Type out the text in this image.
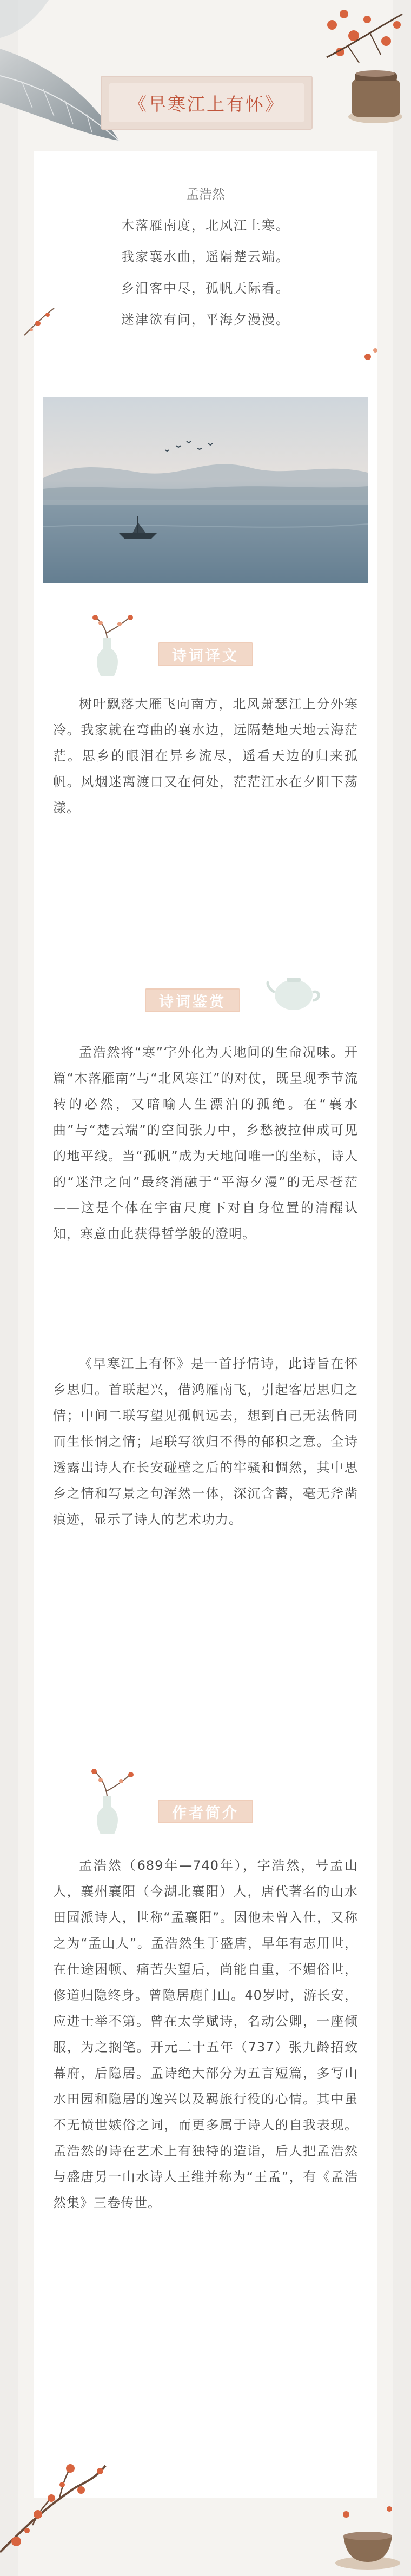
《早寒江上有怀》
孟浩然
木落雁南度，北风江上寒。
我家襄水曲，遥隔楚云端。
乡泪客中尽，孤帆天际看。
迷津欲有问，平海夕漫漫。
诗词译文

树叶飘落大雁飞向南方，北风萧瑟江上分外寒冷。我家就在弯曲的襄水边，远隔楚地天地云海茫茫。思乡的眼泪在异乡流尽，遥看天边的归来孤帆。风烟迷离渡口又在何处，茫茫江水在夕阳下荡漾。

诗词鉴赏

孟浩然将“寒”字外化为天地间的生命况味。开篇“木落雁南”与“北风寒江”的对仗，既呈现季节流转的必然，又暗喻人生漂泊的孤绝。在“襄水曲”与“楚云端”的空间张力中，乡愁被拉伸成可见的地平线。当“孤帆”成为天地间唯一的坐标，诗人的“迷津之问”最终消融于“平海夕漫”的无尽苍茫——这是个体在宇宙尺度下对自身位置的清醒认知，寒意由此获得哲学般的澄明。

《早寒江上有怀》是一首抒情诗，此诗旨在怀乡思归。首联起兴，借鸿雁南飞，引起客居思归之情；中间二联写望见孤帆远去，想到自己无法偕同而生怅惘之情；尾联写欲归不得的郁积之意。全诗透露出诗人在长安碰壁之后的牢骚和惆然，其中思乡之情和写景之句浑然一体，深沉含蓄，毫无斧凿痕迹，显示了诗人的艺术功力。

作者简介

孟浩然（689年—740年），字浩然，号孟山人，襄州襄阳（今湖北襄阳）人，唐代著名的山水田园派诗人，世称“孟襄阳”。因他未曾入仕，又称之为“孟山人”。孟浩然生于盛唐，早年有志用世，在仕途困顿、痛苦失望后，尚能自重，不媚俗世，修道归隐终身。曾隐居鹿门山。40岁时，游长安，应进士举不第。曾在太学赋诗，名动公卿，一座倾服，为之搁笔。开元二十五年（737）张九龄招致幕府，后隐居。孟诗绝大部分为五言短篇，多写山水田园和隐居的逸兴以及羁旅行役的心情。其中虽不无愤世嫉俗之词，而更多属于诗人的自我表现。孟浩然的诗在艺术上有独特的造诣，后人把孟浩然与盛唐另一山水诗人王维并称为“王孟”，有《孟浩然集》三卷传世。
